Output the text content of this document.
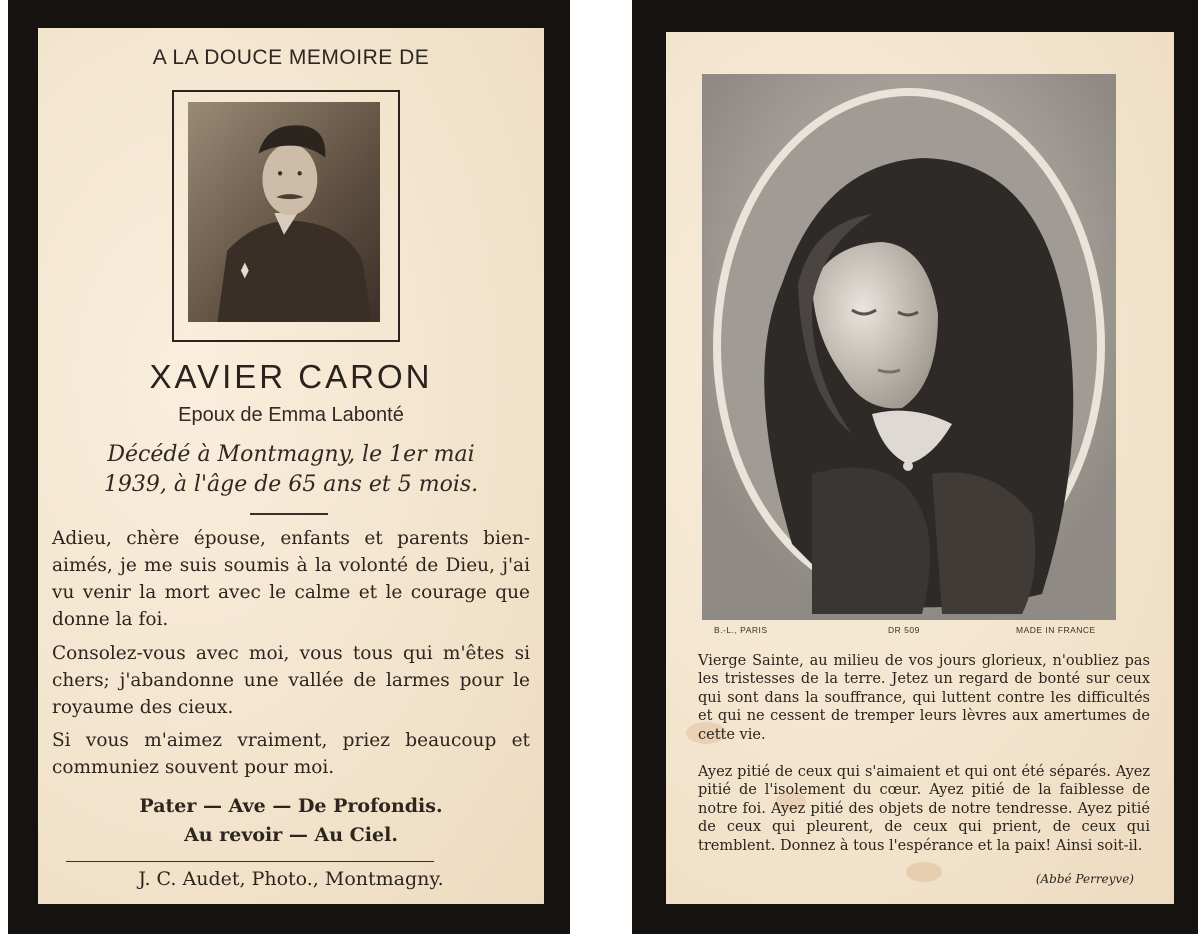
A LA DOUCE MEMOIRE DE
XAVIER CARON
Epoux de Emma Labonté
Décédé à Montmagny, le 1er mai
1939, à l'âge de 65 ans et 5 mois.
Adieu, chère épouse, enfants et parents bien-aimés, je me suis soumis à la volonté de Dieu, j'ai vu venir la mort avec le calme et le courage que donne la foi.
Consolez-vous avec moi, vous tous qui m'êtes si chers; j'abandonne une vallée de larmes pour le royaume des cieux.
Si vous m'aimez vraiment, priez beaucoup et communiez souvent pour moi.
Pater — Ave — De Profondis.
Au revoir — Au Ciel.
J. C. Audet, Photo., Montmagny.
B.-L., PARIS	DR 509	MADE IN FRANCE
Vierge Sainte, au milieu de vos jours glorieux, n'oubliez pas les tristesses de la terre. Jetez un regard de bonté sur ceux qui sont dans la souffrance, qui luttent contre les difficultés et qui ne cessent de tremper leurs lèvres aux amertumes de cette vie.
Ayez pitié de ceux qui s'aimaient et qui ont été séparés. Ayez pitié de l'isolement du cœur. Ayez pitié de la faiblesse de notre foi. Ayez pitié des objets de notre tendresse. Ayez pitié de ceux qui pleurent, de ceux qui prient, de ceux qui tremblent. Donnez à tous l'espérance et la paix! Ainsi soit-il.
(Abbé Perreyve)
